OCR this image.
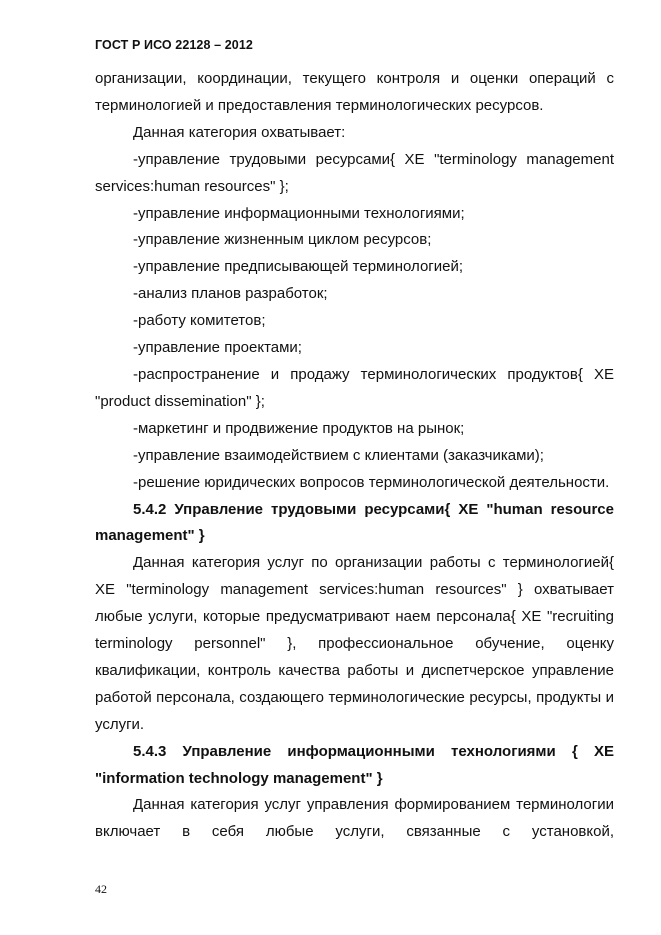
ГОСТ Р ИСО 22128 – 2012

организации, координации, текущего контроля и оценки операций с терминологией и предоставления терминологических ресурсов.

Данная категория охватывает:

-управление трудовыми ресурсами{ XE "terminology management services:human resources" };

-управление информационными технологиями;

-управление жизненным циклом ресурсов;

-управление предписывающей терминологией;

-анализ планов разработок;

-работу комитетов;

-управление проектами;

-распространение и продажу терминологических продуктов{ XE "product dissemination" };

-маркетинг и продвижение продуктов на рынок;

-управление взаимодействием с клиентами (заказчиками);

-решение юридических вопросов терминологической деятельности.

5.4.2 Управление трудовыми ресурсами{ XE "human resource management" }

Данная категория услуг по организации работы с терминологией{ XE "terminology management services:human resources" } охватывает любые услуги, которые предусматривают наем персонала{ XE "recruiting terminology personnel" }, профессиональное обучение, оценку квалификации, контроль качества работы и диспетчерское управление работой персонала, создающего терминологические ресурсы, продукты и услуги.

5.4.3 Управление информационными технологиями { XE "information technology management" }

Данная категория услуг управления формированием терминологии включает в себя любые услуги, связанные с установкой,

42
